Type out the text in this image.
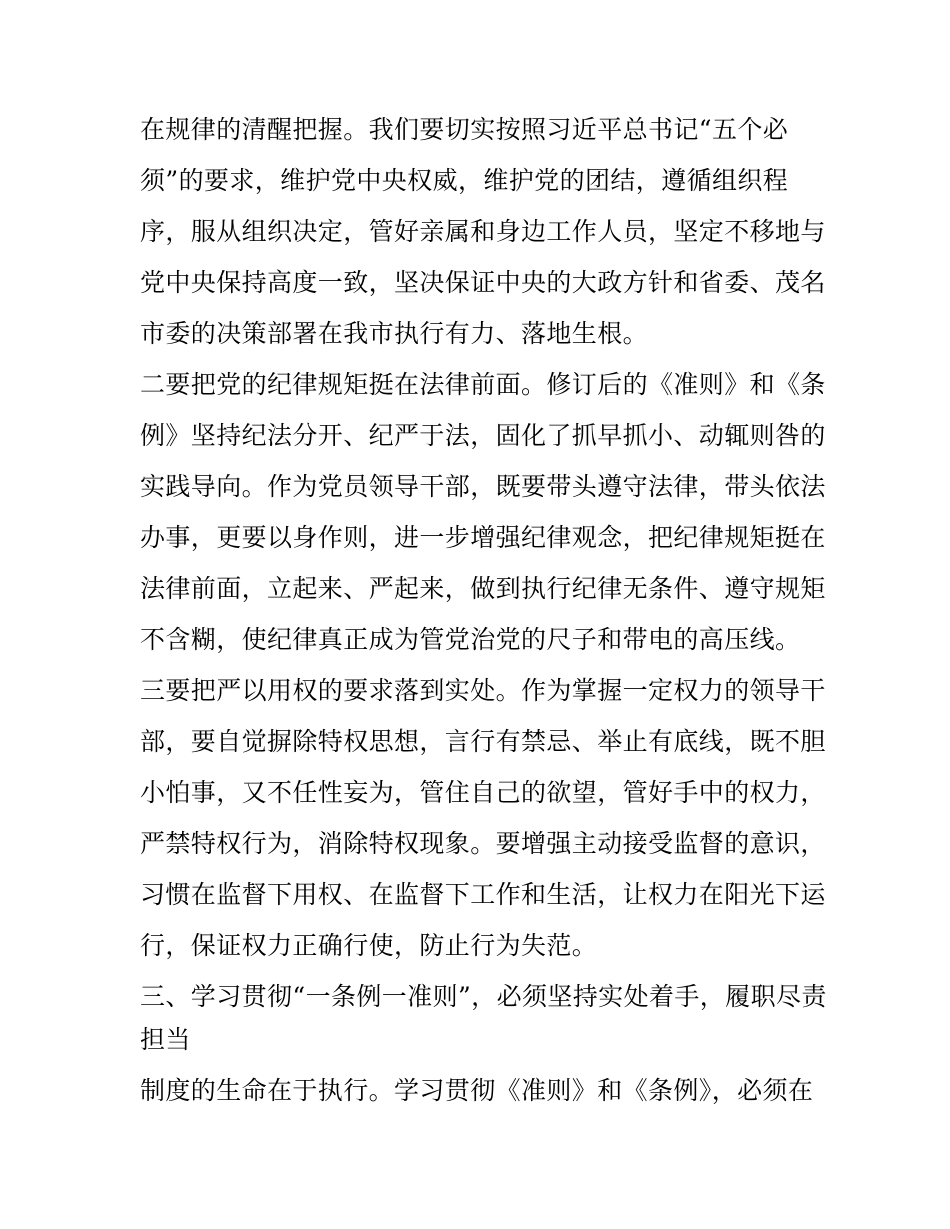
在规律的清醒把握。我们要切实按照习近平总书记“五个必
须”的要求，维护党中央权威，维护党的团结，遵循组织程
序，服从组织决定，管好亲属和身边工作人员，坚定不移地与
党中央保持高度一致，坚决保证中央的大政方针和省委、茂名
市委的决策部署在我市执行有力、落地生根。
二要把党的纪律规矩挺在法律前面。修订后的《准则》和《条
例》坚持纪法分开、纪严于法，固化了抓早抓小、动辄则咎的
实践导向。作为党员领导干部，既要带头遵守法律，带头依法
办事，更要以身作则，进一步增强纪律观念，把纪律规矩挺在
法律前面，立起来、严起来，做到执行纪律无条件、遵守规矩
不含糊，使纪律真正成为管党治党的尺子和带电的高压线。
三要把严以用权的要求落到实处。作为掌握一定权力的领导干
部，要自觉摒除特权思想，言行有禁忌、举止有底线，既不胆
小怕事，又不任性妄为，管住自己的欲望，管好手中的权力，
严禁特权行为，消除特权现象。要增强主动接受监督的意识，
习惯在监督下用权、在监督下工作和生活，让权力在阳光下运
行，保证权力正确行使，防止行为失范。
三、学习贯彻“一条例一准则”，必须坚持实处着手，履职尽责
担当
制度的生命在于执行。学习贯彻《准则》和《条例》，必须在
